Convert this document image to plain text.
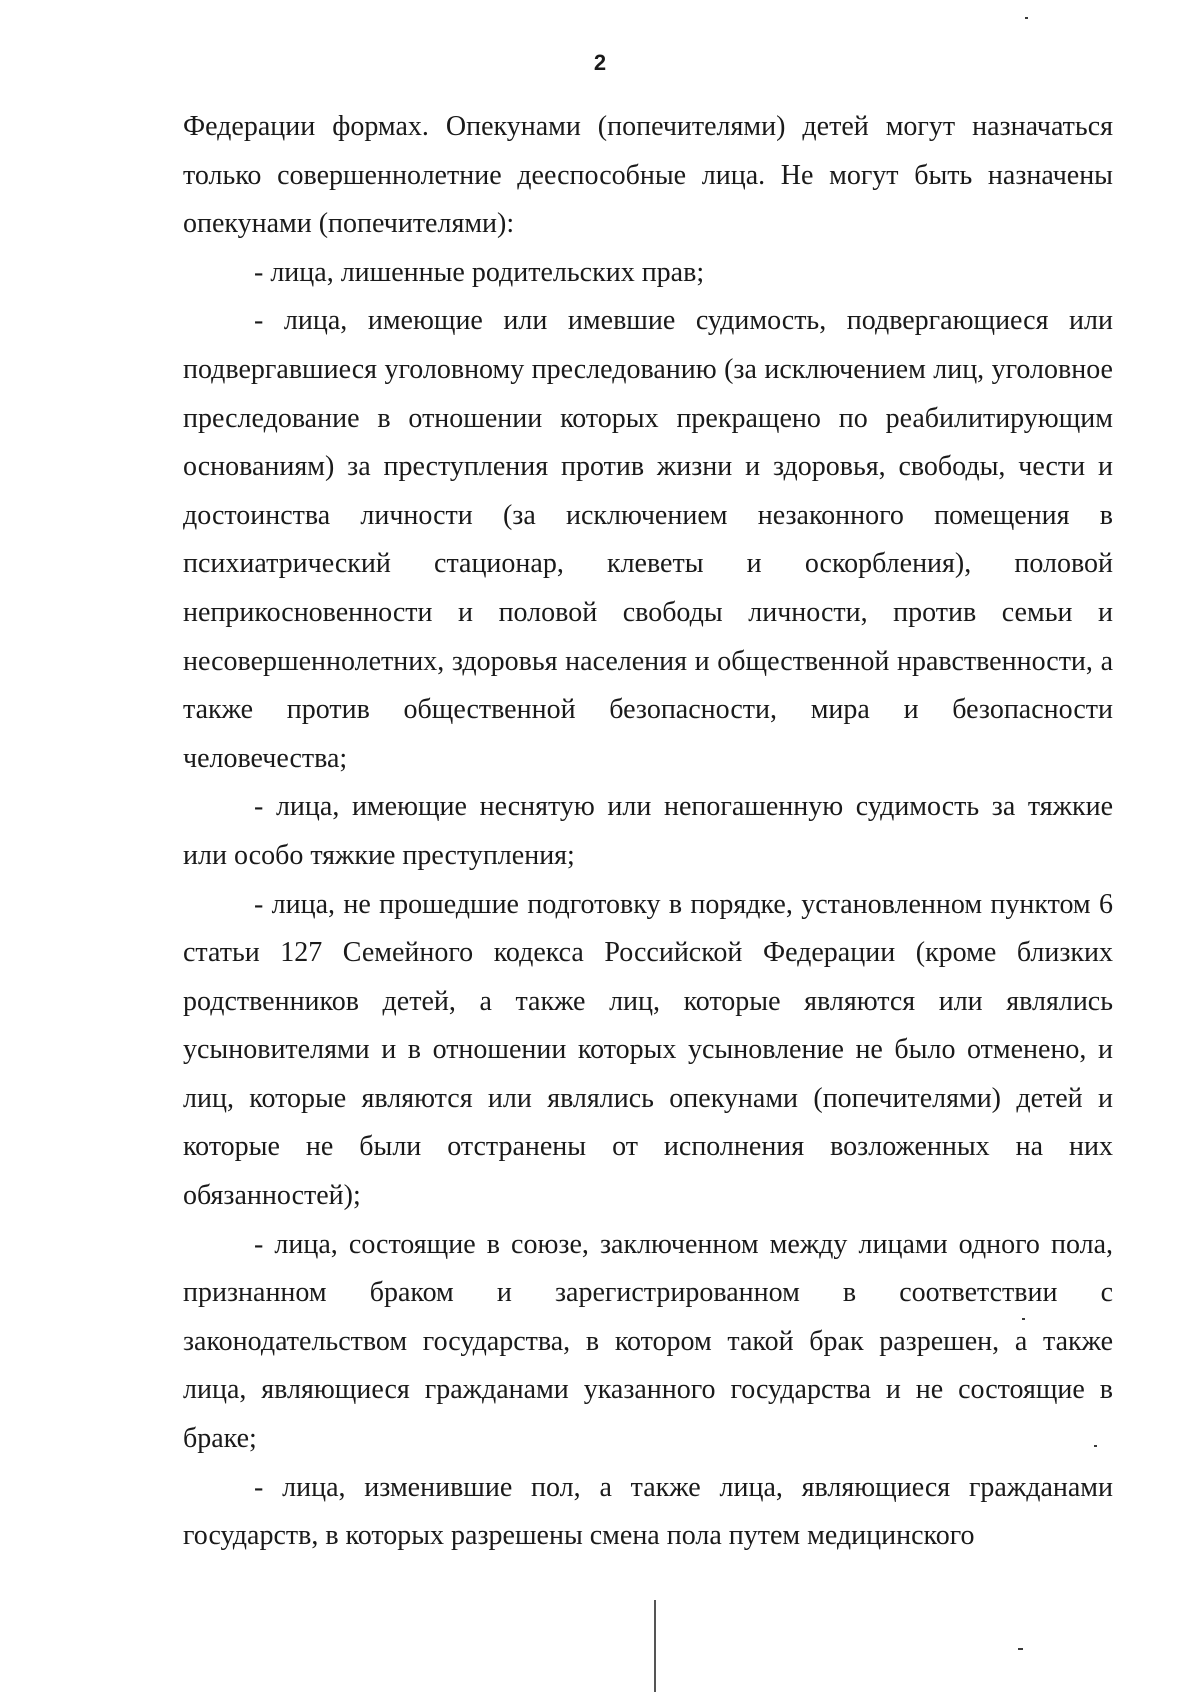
2

Федерации формах. Опекунами (попечителями) детей могут назначаться только совершеннолетние дееспособные лица. Не могут быть назначены опекунами (попечителями):

- лица, лишенные родительских прав;

- лица, имеющие или имевшие судимость, подвергающиеся или подвергавшиеся уголовному преследованию (за исключением лиц, уголовное преследование в отношении которых прекращено по реабилитирующим основаниям) за преступления против жизни и здоровья, свободы, чести и достоинства личности (за исключением незаконного помещения в психиатрический стационар, клеветы и оскорбления), половой неприкосновенности и половой свободы личности, против семьи и несовершеннолетних, здоровья населения и общественной нравственности, а также против общественной безопасности, мира и безопасности человечества;

- лица, имеющие неснятую или непогашенную судимость за тяжкие или особо тяжкие преступления;

- лица, не прошедшие подготовку в порядке, установленном пунктом 6 статьи 127 Семейного кодекса Российской Федерации (кроме близких родственников детей, а также лиц, которые являются или являлись усыновителями и в отношении которых усыновление не было отменено, и лиц, которые являются или являлись опекунами (попечителями) детей и которые не были отстранены от исполнения возложенных на них обязанностей);

- лица, состоящие в союзе, заключенном между лицами одного пола, признанном браком и зарегистрированном в соответствии с законодательством государства, в котором такой брак разрешен, а также лица, являющиеся гражданами указанного государства и не состоящие в браке;

- лица, изменившие пол, а также лица, являющиеся гражданами государств, в которых разрешены смена пола путем медицинского
